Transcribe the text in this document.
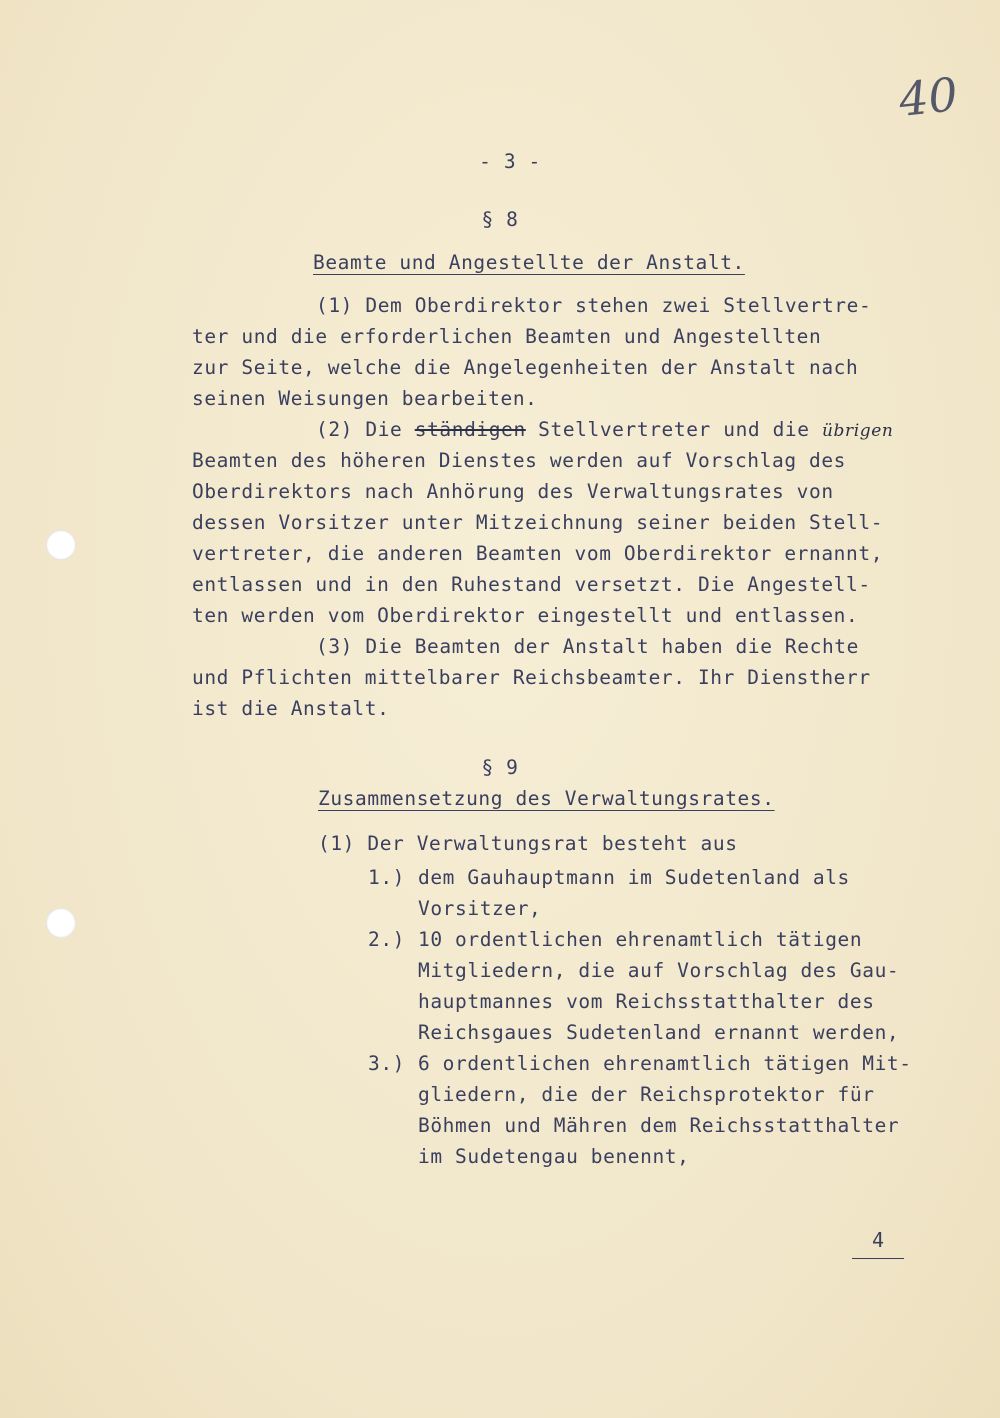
40
- 3 -
§ 8
Beamte und Angestellte der Anstalt.
(1) Dem Oberdirektor stehen zwei Stellvertre-
ter und die erforderlichen Beamten und Angestellten
zur Seite, welche die Angelegenheiten der Anstalt nach
seinen Weisungen bearbeiten.
(2) Die ständigen Stellvertreter und die übrigen
Beamten des höheren Dienstes werden auf Vorschlag des
Oberdirektors nach Anhörung des Verwaltungsrates von
dessen Vorsitzer unter Mitzeichnung seiner beiden Stell-
vertreter, die anderen Beamten vom Oberdirektor ernannt,
entlassen und in den Ruhestand versetzt. Die Angestell-
ten werden vom Oberdirektor eingestellt und entlassen.
(3) Die Beamten der Anstalt haben die Rechte
und Pflichten mittelbarer Reichsbeamter. Ihr Dienstherr
ist die Anstalt.
§ 9
Zusammensetzung des Verwaltungsrates.
(1) Der Verwaltungsrat besteht aus
1.) dem Gauhauptmann im Sudetenland als
Vorsitzer,
2.) 10 ordentlichen ehrenamtlich tätigen
Mitgliedern, die auf Vorschlag des Gau-
hauptmannes vom Reichsstatthalter des
Reichsgaues Sudetenland ernannt werden,
3.) 6 ordentlichen ehrenamtlich tätigen Mit-
gliedern, die der Reichsprotektor für
Böhmen und Mähren dem Reichsstatthalter
im Sudetengau benennt,
4
